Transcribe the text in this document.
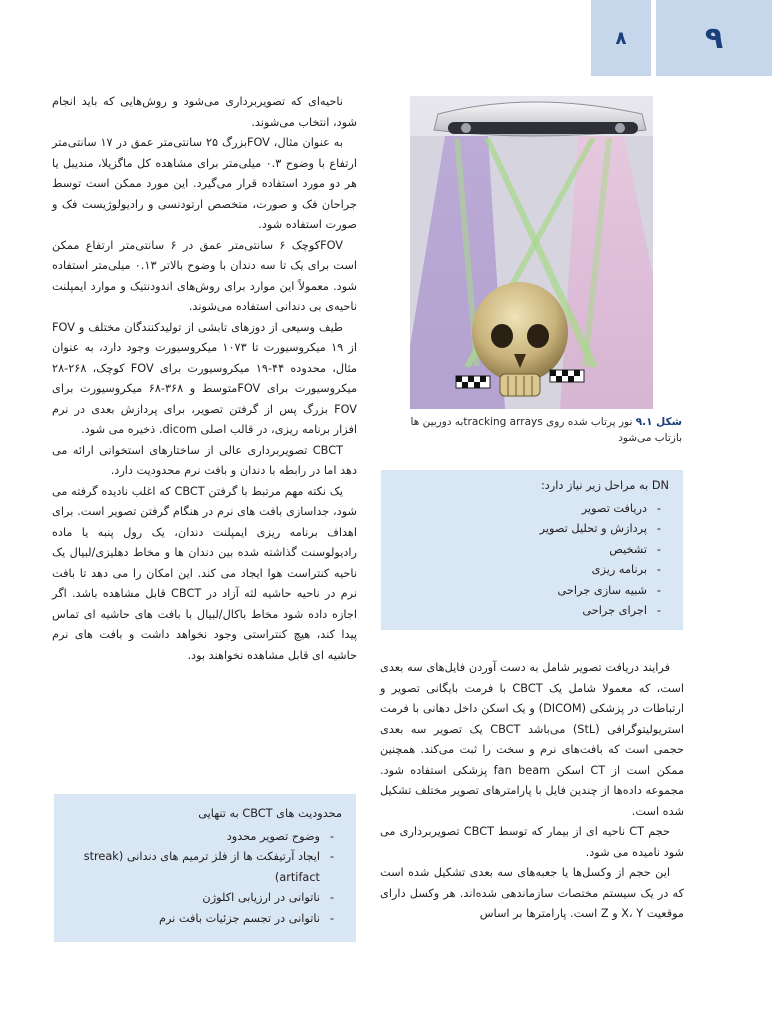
۹
۸

ناحیه‌ای که تصویربرداری می‌شود و روش‌هایی که باید انجام شود، انتخاب می‌شوند.

به عنوان مثال، FOVبزرگ ۲۵ سانتی‌متر عمق در ۱۷ سانتی‌متر ارتفاع با وضوح ۰.۳ میلی‌متر برای مشاهده کل ماگزیلا، مندیبل یا هر دو مورد استفاده قرار می‌گیرد. این مورد ممکن است توسط جراحان فک و صورت، متخصص ارتودنسی و رادیولوژیست فک و صورت استفاده شود.

FOVکوچک ۶ سانتی‌متر عمق در ۶ سانتی‌متر ارتفاع ممکن است برای یک تا سه دندان با وضوح بالاتر ۰.۱۳ میلی‌متر استفاده شود. معمولاً این موارد برای روش‌های اندودنتیک و موارد ایمپلنت ناحیه‌ی بی دندانی استفاده می‌شوند.

طیف وسیعی از دوزهای تابشی از تولیدکنندگان مختلف و FOV از ۱۹ میکروسیورت تا ۱۰۷۳ میکروسیورت وجود دارد، به عنوان مثال، محدوده ۴۴-۱۹ میکروسیورت برای FOV کوچک، ۲۶۸-۲۸ میکروسیورت برای FOVمتوسط و ۳۶۸-۶۸ میکروسیورت برای FOV بزرگ پس از گرفتن تصویر، برای پردازش بعدی در نرم افزار برنامه ریزی، در قالب اصلی dicom. ذخیره می شود.

CBCT تصویربرداری عالی از ساختارهای استخوانی ارائه می دهد اما در رابطه با دندان و بافت نرم محدودیت دارد.

یک نکته مهم مرتبط با گرفتن CBCT که اغلب نادیده گرفته می شود، جداسازی بافت های نرم در هنگام گرفتن تصویر است. برای اهداف برنامه ریزی ایمپلنت دندان، یک رول پنبه یا ماده رادیولوسنت گذاشته شده بین دندان ها و مخاط دهلیزی/لبیال یک ناحیه کنتراست هوا ایجاد می کند. این امکان را می دهد تا بافت نرم در ناحیه حاشیه لثه آزاد در CBCT قابل مشاهده باشد. اگر اجازه داده شود مخاط باکال/لبیال با بافت های حاشیه ای تماس پیدا کند، هیچ کنتراستی وجود نخواهد داشت و بافت های نرم حاشیه ای قابل مشاهده نخواهند بود.

شکل ۹.۱ نور پرتاب شده روی tracking arraysبه دوربین ها بازتاب می‌شود

DN به مراحل زیر نیاز دارد:

- دریافت تصویر
- پردازش و تحلیل تصویر
- تشخیص
- برنامه ریزی
- شبیه سازی جراحی
- اجرای جراحی

فرایند دریافت تصویر شامل به دست آوردن فایل‌های سه بعدی است، که معمولا شامل یک CBCT با فرمت بایگانی تصویر و ارتباطات در پزشکی (DICOM) و یک اسکن داخل دهانی با فرمت استریولیتوگرافی (StL) می‌باشد CBCT یک تصویر سه بعدی حجمی است که بافت‌های نرم و سخت را ثبت می‌کند. همچنین ممکن است از CT اسکن fan beam پزشکی استفاده شود. مجموعه داده‌ها از چندین فایل با پارامترهای تصویر مختلف تشکیل شده است.

حجم CT ناحیه ای از بیمار که توسط CBCT تصویربرداری می شود نامیده می شود.

این حجم از وکسل‌ها یا جعبه‌های سه بعدی تشکیل شده است که در یک سیستم مختصات سازماندهی شده‌اند. هر وکسل دارای موقعیت X، Y و Z است. پارامترها بر اساس

محدودیت های CBCT به تنهایی

- وضوح تصویر محدود
- ایجاد آرتیفکت ها از فلز ترمیم های دندانی (streak artifact)
- ناتوانی در ارزیابی اکلوژن
- ناتوانی در تجسم جزئیات بافت نرم
